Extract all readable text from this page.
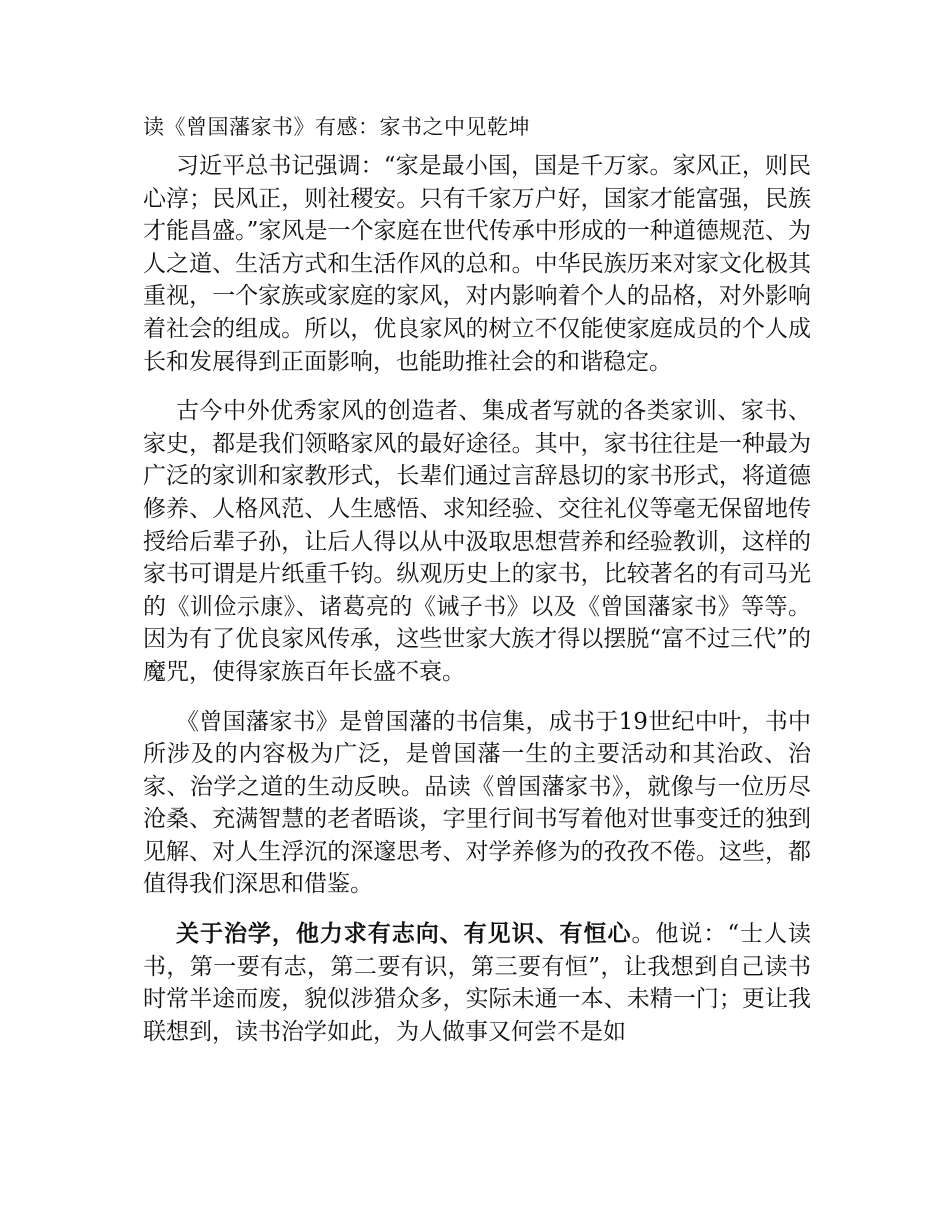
读《曾国藩家书》有感：家书之中见乾坤

习近平总书记强调：“家是最小国，国是千万家。家风正，则民心淳；民风正，则社稷安。只有千家万户好，国家才能富强，民族才能昌盛。”家风是一个家庭在世代传承中形成的一种道德规范、为人之道、生活方式和生活作风的总和。中华民族历来对家文化极其重视，一个家族或家庭的家风，对内影响着个人的品格，对外影响着社会的组成。所以，优良家风的树立不仅能使家庭成员的个人成长和发展得到正面影响，也能助推社会的和谐稳定。

古今中外优秀家风的创造者、集成者写就的各类家训、家书、家史，都是我们领略家风的最好途径。其中，家书往往是一种最为广泛的家训和家教形式，长辈们通过言辞恳切的家书形式，将道德修养、人格风范、人生感悟、求知经验、交往礼仪等毫无保留地传授给后辈子孙，让后人得以从中汲取思想营养和经验教训，这样的家书可谓是片纸重千钧。纵观历史上的家书，比较著名的有司马光的《训俭示康》、诸葛亮的《诫子书》以及《曾国藩家书》等等。因为有了优良家风传承，这些世家大族才得以摆脱“富不过三代”的魔咒，使得家族百年长盛不衰。

《曾国藩家书》是曾国藩的书信集，成书于19世纪中叶，书中所涉及的内容极为广泛，是曾国藩一生的主要活动和其治政、治家、治学之道的生动反映。品读《曾国藩家书》，就像与一位历尽沧桑、充满智慧的老者晤谈，字里行间书写着他对世事变迁的独到见解、对人生浮沉的深邃思考、对学养修为的孜孜不倦。这些，都值得我们深思和借鉴。

关于治学，他力求有志向、有见识、有恒心。他说：“士人读书，第一要有志，第二要有识，第三要有恒”，让我想到自己读书时常半途而废，貌似涉猎众多，实际未通一本、未精一门；更让我联想到，读书治学如此，为人做事又何尝不是如
